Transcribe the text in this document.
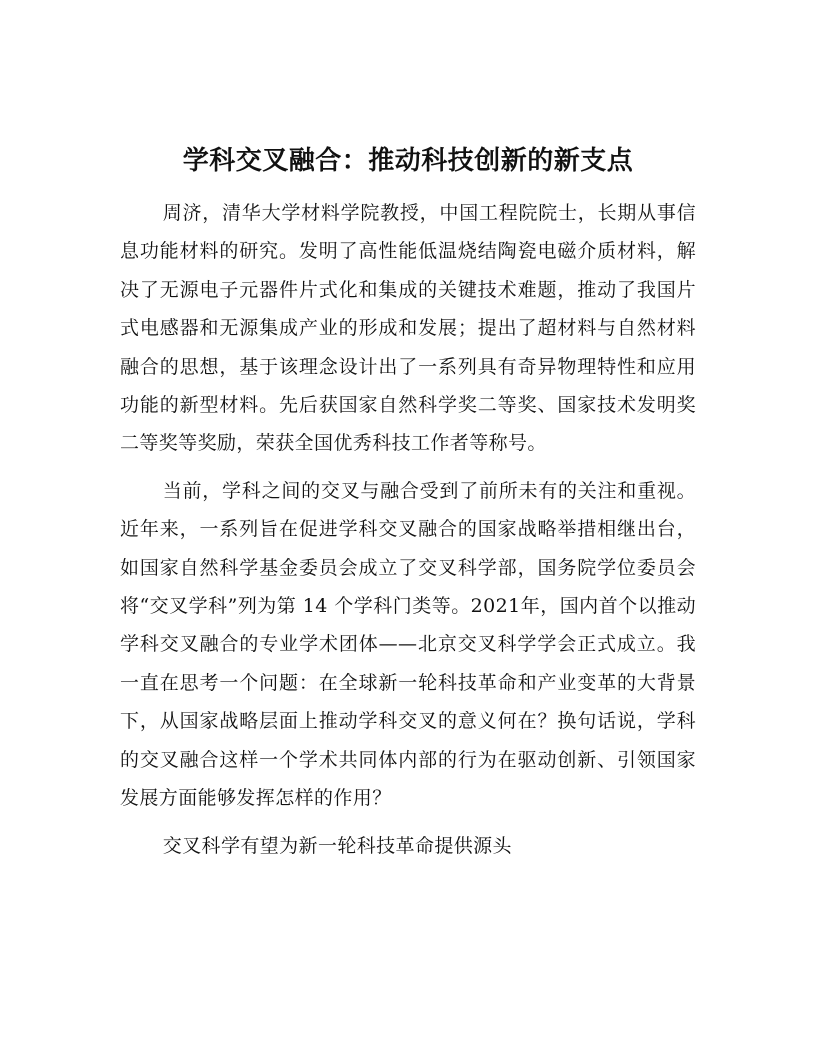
学科交叉融合：推动科技创新的新支点

周济，清华大学材料学院教授，中国工程院院士，长期从事信息功能材料的研究。发明了高性能低温烧结陶瓷电磁介质材料，解决了无源电子元器件片式化和集成的关键技术难题，推动了我国片式电感器和无源集成产业的形成和发展；提出了超材料与自然材料融合的思想，基于该理念设计出了一系列具有奇异物理特性和应用功能的新型材料。先后获国家自然科学奖二等奖、国家技术发明奖二等奖等奖励，荣获全国优秀科技工作者等称号。

当前，学科之间的交叉与融合受到了前所未有的关注和重视。近年来，一系列旨在促进学科交叉融合的国家战略举措相继出台，如国家自然科学基金委员会成立了交叉科学部，国务院学位委员会将“交叉学科”列为第 14 个学科门类等。2021年，国内首个以推动学科交叉融合的专业学术团体——北京交叉科学学会正式成立。我一直在思考一个问题：在全球新一轮科技革命和产业变革的大背景下，从国家战略层面上推动学科交叉的意义何在？换句话说，学科的交叉融合这样一个学术共同体内部的行为在驱动创新、引领国家发展方面能够发挥怎样的作用？

交叉科学有望为新一轮科技革命提供源头
